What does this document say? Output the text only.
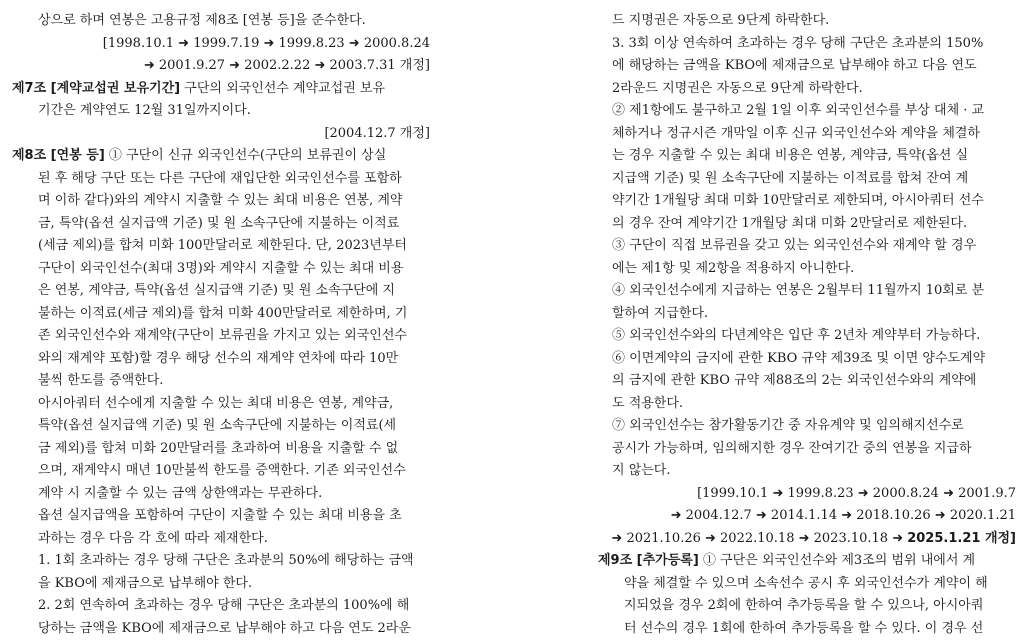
상으로 하며 연봉은 고용규정 제8조 [연봉 등]을 준수한다.
[1998.10.1 ➜ 1999.7.19 ➜ 1999.8.23 ➜ 2000.8.24
➜ 2001.9.27 ➜ 2002.2.22 ➜ 2003.7.31 개정]
제7조 [계약교섭권 보유기간] 구단의 외국인선수 계약교섭권 보유
기간은 계약연도 12월 31일까지이다.
[2004.12.7 개정]
제8조 [연봉 등] ① 구단이 신규 외국인선수(구단의 보류권이 상실
된 후 해당 구단 또는 다른 구단에 재입단한 외국인선수를 포함하
며 이하 같다)와의 계약시 지출할 수 있는 최대 비용은 연봉, 계약
금, 특약(옵션 실지급액 기준) 및 원 소속구단에 지불하는 이적료
(세금 제외)를 합쳐 미화 100만달러로 제한된다. 단, 2023년부터
구단이 외국인선수(최대 3명)와 계약시 지출할 수 있는 최대 비용
은 연봉, 계약금, 특약(옵션 실지급액 기준) 및 원 소속구단에 지
불하는 이적료(세금 제외)를 합쳐 미화 400만달러로 제한하며, 기
존 외국인선수와 재계약(구단이 보류권을 가지고 있는 외국인선수
와의 재계약 포함)할 경우 해당 선수의 재계약 연차에 따라 10만
불씩 한도를 증액한다.
아시아쿼터 선수에게 지출할 수 있는 최대 비용은 연봉, 계약금,
특약(옵션 실지급액 기준) 및 원 소속구단에 지불하는 이적료(세
금 제외)를 합쳐 미화 20만달러를 초과하여 비용을 지출할 수 없
으며, 재계약시 매년 10만불씩 한도를 증액한다. 기존 외국인선수
계약 시 지출할 수 있는 금액 상한액과는 무관하다.
옵션 실지급액을 포함하여 구단이 지출할 수 있는 최대 비용을 초
과하는 경우 다음 각 호에 따라 제재한다.
1. 1회 초과하는 경우 당해 구단은 초과분의 50%에 해당하는 금액
을 KBO에 제재금으로 납부해야 한다.
2. 2회 연속하여 초과하는 경우 당해 구단은 초과분의 100%에 해
당하는 금액을 KBO에 제재금으로 납부해야 하고 다음 연도 2라운
드 지명권은 자동으로 9단계 하락한다.
3. 3회 이상 연속하여 초과하는 경우 당해 구단은 초과분의 150%
에 해당하는 금액을 KBO에 제재금으로 납부해야 하고 다음 연도
2라운드 지명권은 자동으로 9단계 하락한다.
② 제1항에도 불구하고 2월 1일 이후 외국인선수를 부상 대체 · 교
체하거나 정규시즌 개막일 이후 신규 외국인선수와 계약을 체결하
는 경우 지출할 수 있는 최대 비용은 연봉, 계약금, 특약(옵션 실
지급액 기준) 및 원 소속구단에 지불하는 이적료를 합쳐 잔여 계
약기간 1개월당 최대 미화 10만달러로 제한되며, 아시아쿼터 선수
의 경우 잔여 계약기간 1개월당 최대 미화 2만달러로 제한된다.
③ 구단이 직접 보류권을 갖고 있는 외국인선수와 재계약 할 경우
에는 제1항 및 제2항을 적용하지 아니한다.
④ 외국인선수에게 지급하는 연봉은 2월부터 11월까지 10회로 분
할하여 지급한다.
⑤ 외국인선수와의 다년계약은 입단 후 2년차 계약부터 가능하다.
⑥ 이면계약의 금지에 관한 KBO 규약 제39조 및 이면 양수도계약
의 금지에 관한 KBO 규약 제88조의 2는 외국인선수와의 계약에
도 적용한다.
⑦ 외국인선수는 참가활동기간 중 자유계약 및 임의해지선수로
공시가 가능하며, 임의해지한 경우 잔여기간 중의 연봉을 지급하
지 않는다.
[1999.10.1 ➜ 1999.8.23 ➜ 2000.8.24 ➜ 2001.9.7
➜ 2004.12.7 ➜ 2014.1.14 ➜ 2018.10.26 ➜ 2020.1.21
➜ 2021.10.26 ➜ 2022.10.18 ➜ 2023.10.18 ➜ 2025.1.21 개정]
제9조 [추가등록] ① 구단은 외국인선수와 제3조의 범위 내에서 계
약을 체결할 수 있으며 소속선수 공시 후 외국인선수가 계약이 해
지되었을 경우 2회에 한하여 추가등록을 할 수 있으나, 아시아쿼
터 선수의 경우 1회에 한하여 추가등록을 할 수 있다. 이 경우 선
